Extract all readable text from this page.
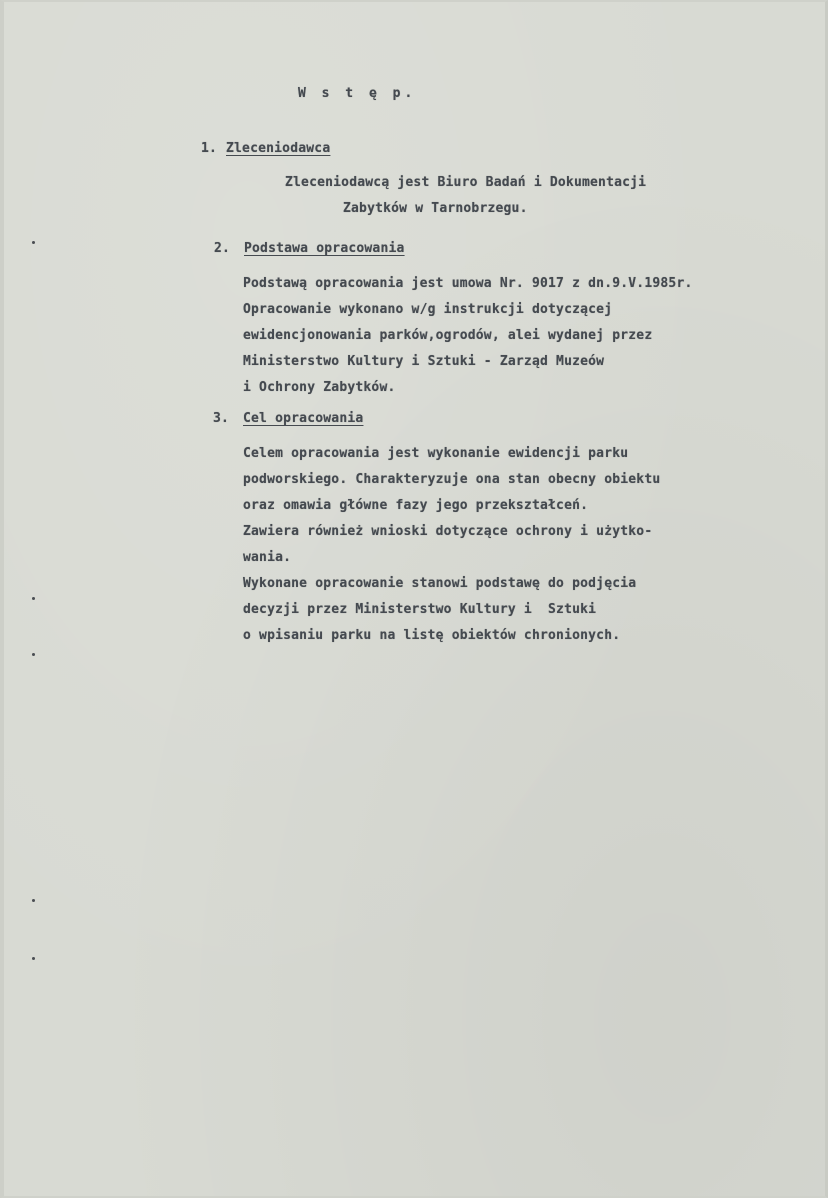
W s t ę p.
1. Zleceniodawca
Zleceniodawcą jest Biuro Badań i Dokumentacji
Zabytków w Tarnobrzegu.
2. Podstawa opracowania
Podstawą opracowania jest umowa Nr. 9017 z dn.9.V.1985r.
Opracowanie wykonano w/g instrukcji dotyczącej
ewidencjonowania parków,ogrodów, alei wydanej przez
Ministerstwo Kultury i Sztuki - Zarząd Muzeów
i Ochrony Zabytków.
3. Cel opracowania
Celem opracowania jest wykonanie ewidencji parku
podworskiego. Charakteryzuje ona stan obecny obiektu
oraz omawia główne fazy jego przekształceń.
Zawiera również wnioski dotyczące ochrony i użytko-
wania.
Wykonane opracowanie stanowi podstawę do podjęcia
decyzji przez Ministerstwo Kultury i  Sztuki
o wpisaniu parku na listę obiektów chronionych.
